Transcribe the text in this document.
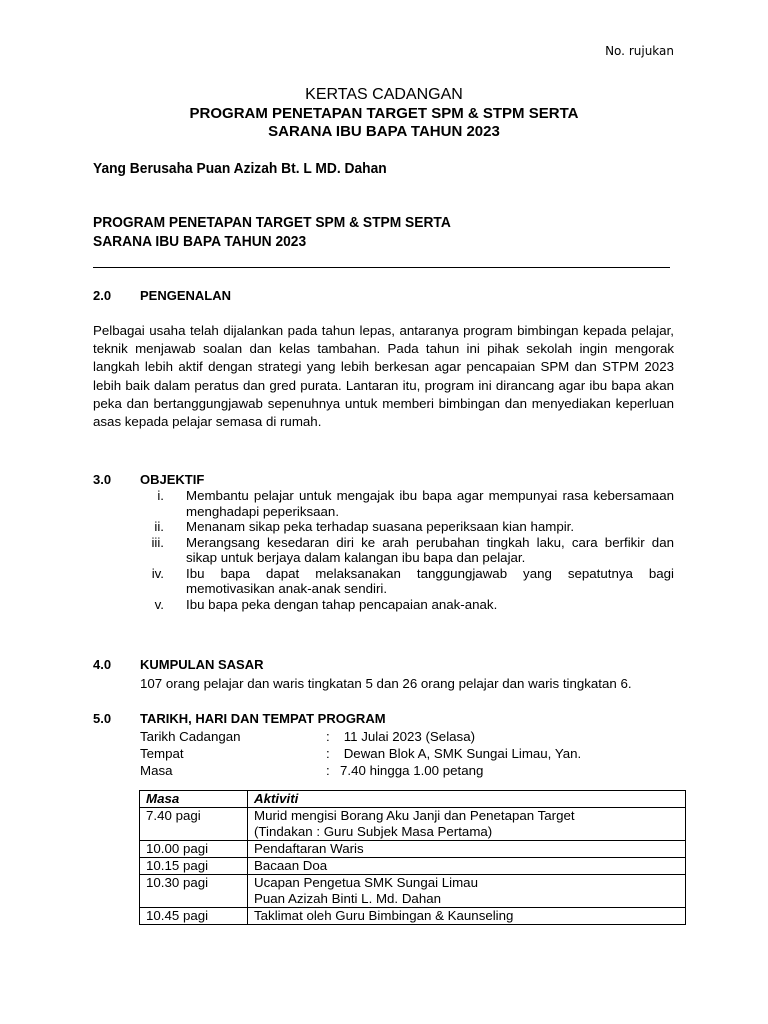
No. rujukan
KERTAS CADANGAN
PROGRAM PENETAPAN TARGET SPM & STPM SERTA
SARANA IBU BAPA TAHUN 2023
Yang Berusaha Puan Azizah Bt. L MD. Dahan
PROGRAM PENETAPAN TARGET SPM & STPM SERTA
SARANA IBU BAPA TAHUN 2023
2.0 PENGENALAN
Pelbagai usaha telah dijalankan pada tahun lepas, antaranya program bimbingan kepada pelajar, teknik menjawab soalan dan kelas tambahan. Pada tahun ini pihak sekolah ingin mengorak langkah lebih aktif dengan strategi yang lebih berkesan agar pencapaian SPM dan STPM 2023 lebih baik dalam peratus dan gred purata. Lantaran itu, program ini dirancang agar ibu bapa akan peka dan bertanggungjawab sepenuhnya untuk memberi bimbingan dan menyediakan keperluan asas kepada pelajar semasa di rumah.
3.0 OBJEKTIF
i. Membantu pelajar untuk mengajak ibu bapa agar mempunyai rasa kebersamaan menghadapi peperiksaan.
ii. Menanam sikap peka terhadap suasana peperiksaan kian hampir.
iii. Merangsang kesedaran diri ke arah perubahan tingkah laku, cara berfikir dan sikap untuk berjaya dalam kalangan ibu bapa dan pelajar.
iv. Ibu bapa dapat melaksanakan tanggungjawab yang sepatutnya bagi memotivasikan anak-anak sendiri.
v. Ibu bapa peka dengan tahap pencapaian anak-anak.
4.0 KUMPULAN SASAR
107 orang pelajar dan waris tingkatan 5 dan 26 orang pelajar dan waris tingkatan 6.
5.0 TARIKH, HARI DAN TEMPAT PROGRAM
Tarikh Cadangan	: 11 Julai 2023 (Selasa)
Tempat	: Dewan Blok A, SMK Sungai Limau, Yan.
Masa	: 7.40 hingga 1.00 petang
Masa	Aktiviti
7.40 pagi	Murid mengisi Borang Aku Janji dan Penetapan Target
(Tindakan : Guru Subjek Masa Pertama)

10.00 pagi	Pendaftaran Waris
10.15 pagi	Bacaan Doa
10.30 pagi	Ucapan Pengetua SMK Sungai Limau
Puan Azizah Binti L. Md. Dahan

10.45 pagi	Taklimat oleh Guru Bimbingan & Kaunseling
